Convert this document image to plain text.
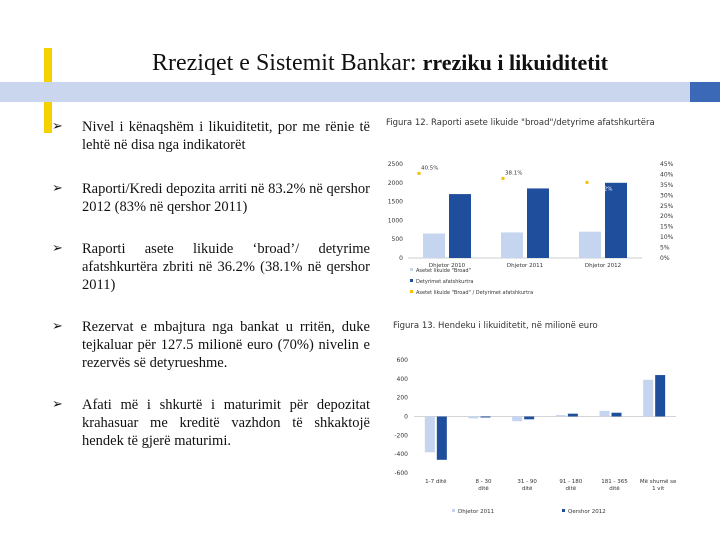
Rreziqet e Sistemit Bankar: rreziku i likuiditetit
➢ Nivel i kënaqshëm i likuiditetit, por me rënie të lehtë në disa nga indikatorët
➢ Raporti/Kredi depozita arriti në 83.2% në qershor 2012 (83% në qershor 2011)
➢ Raporti asete likuide ‘broad’/ detyrime afatshkurtëra zbriti në 36.2% (38.1% në qershor 2011)
➢ Rezervat e mbajtura nga bankat u rritën, duke tejkaluar për 127.5 milionë euro (70%) nivelin e rezervës së detyrueshme.
➢ Afati më i shkurtë i maturimit për depozitat krahasuar me kreditë vazhdon të shkaktojë hendek të gjerë maturimi.
Figura 12. Raporti asete likuide "broad"/detyrime afatshkurtëra
0
500
1000
1500
2000
2500
0%
5%
10%
15%
20%
25%
30%
35%
40%
45%
Dhjetor 2010
40.5%
Dhjetor 2011
38.1%
Dhjetor 2012
36.2%
Asetet likuide "Broad"
Detyrimet afatshkurtra
Asetet likuide "Broad" / Detyrimet afatshkurtra
Figura 13. Hendeku i likuiditetit, në milionë euro
-600
-400
-200
0
200
400
600
1-7 ditë	8 - 30
ditë
31 - 90
ditë
91 - 180
ditë
181 - 365
ditë
Më shumë se
1 vit
Dhjetor 2011	Qershor 2012
